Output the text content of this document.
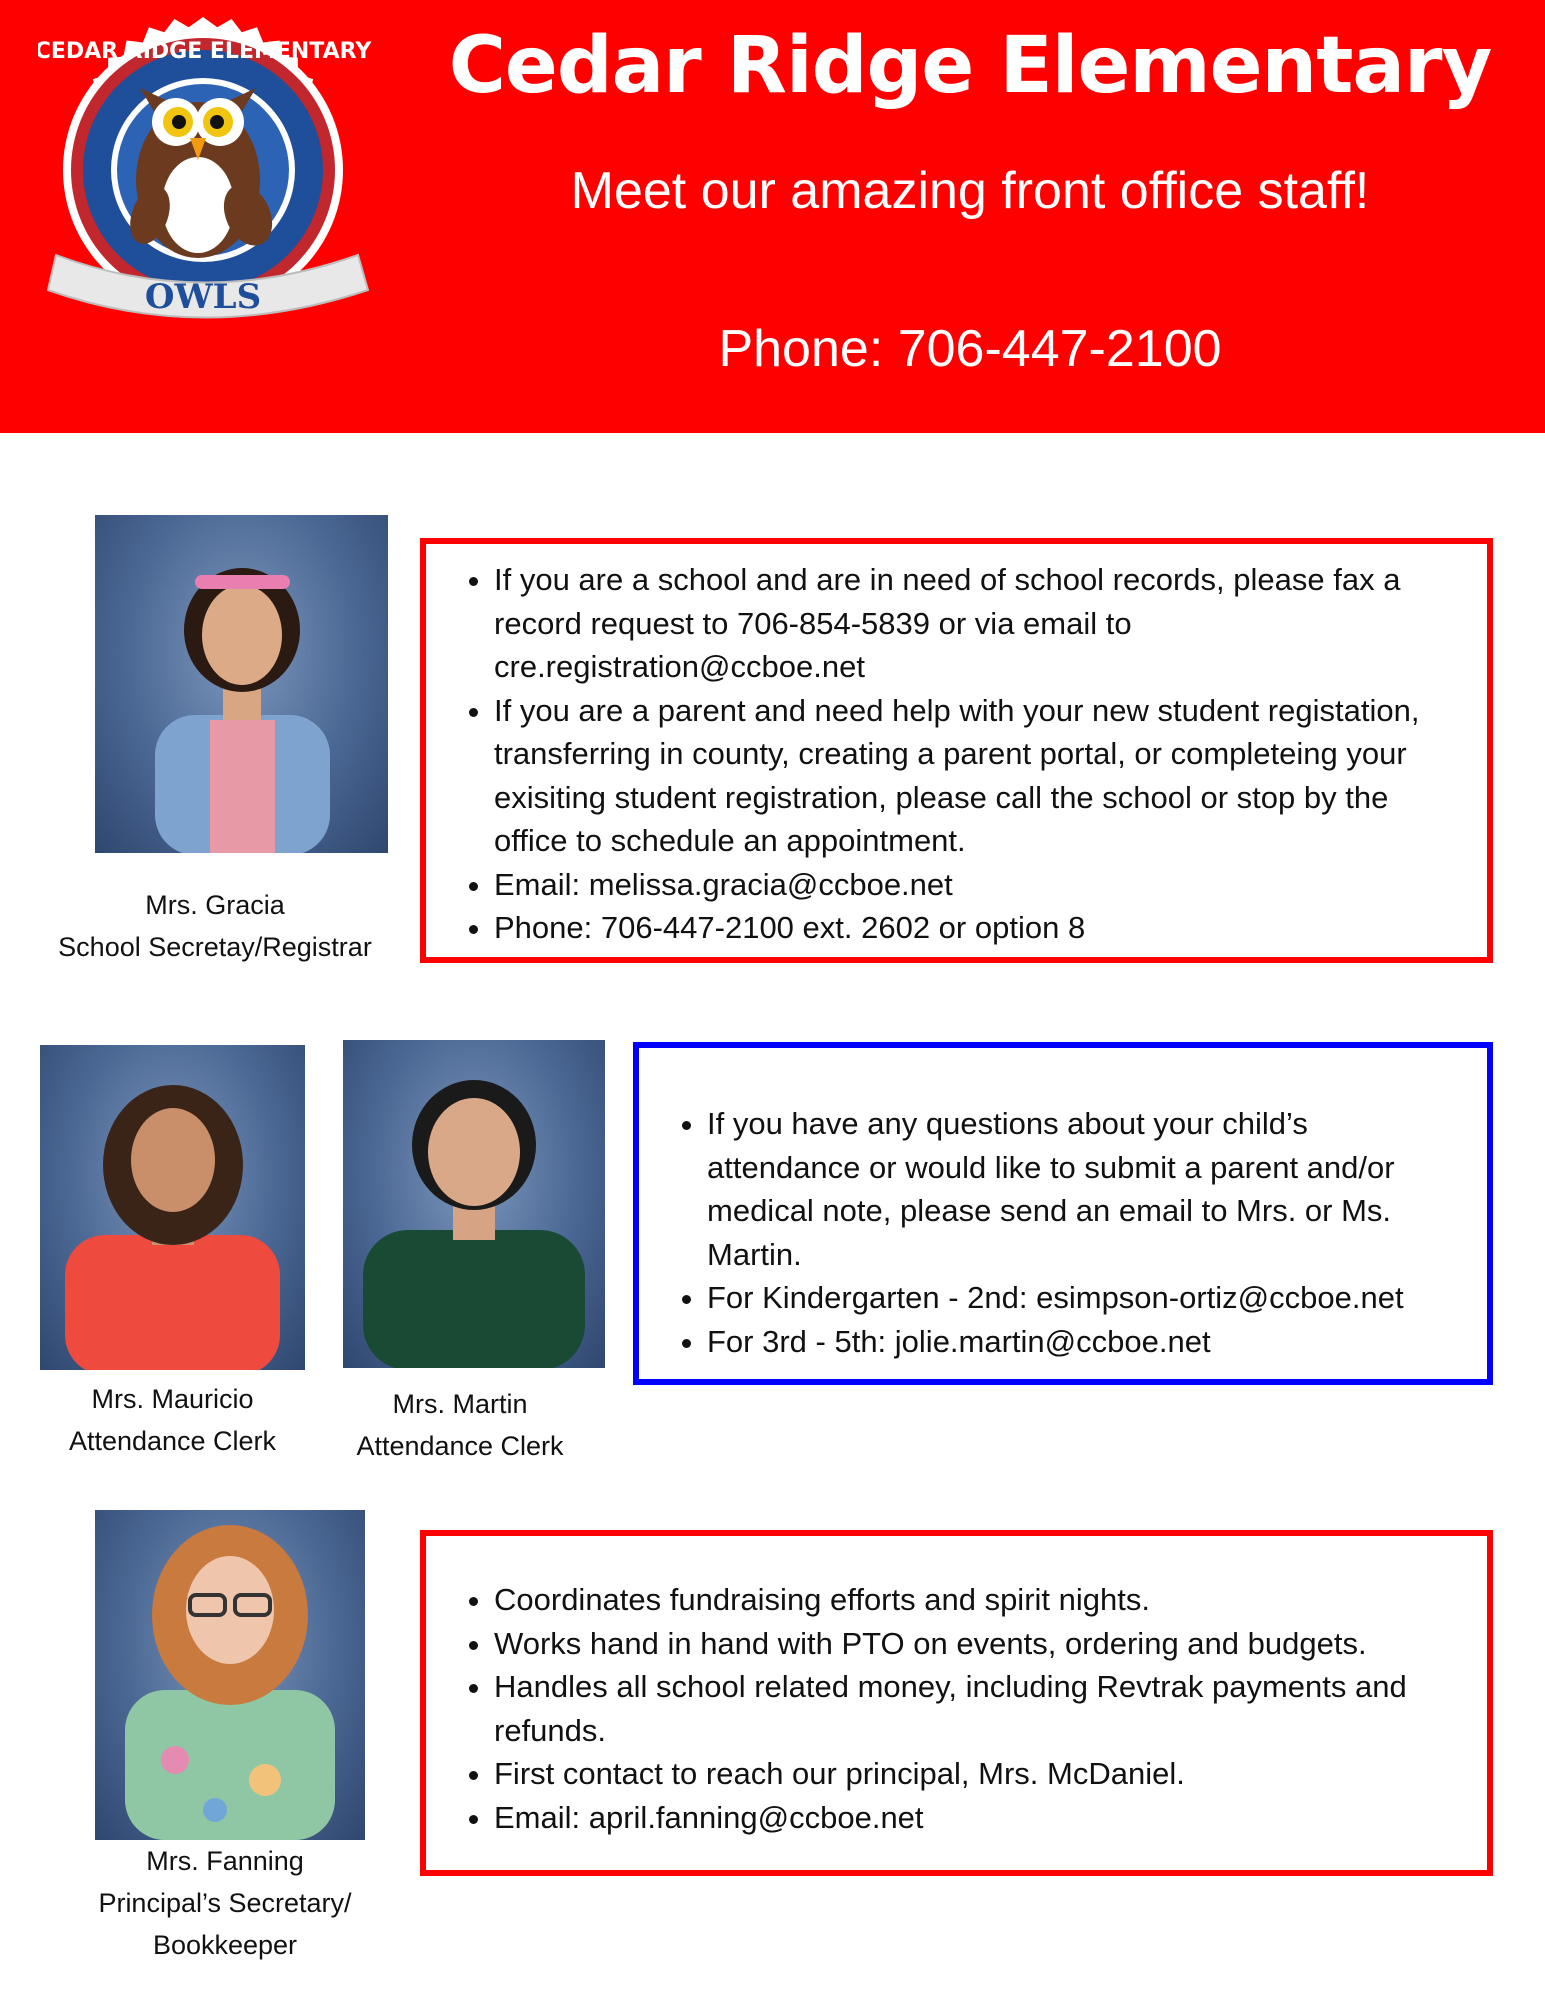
CEDAR RIDGE ELEMENTARY
OWLS
Cedar Ridge Elementary
Meet our amazing front office staff!
Phone: 706-447-2100
Mrs. Gracia
School Secretay/Registrar
• If you are a school and are in need of school records, please fax a record request to 706-854-5839 or via email to cre.registration@ccboe.net
• If you are a parent and need help with your new student registation, transferring in county, creating a parent portal, or completeing your exisiting student registration, please call the school or stop by the office to schedule an appointment.
• Email: melissa.gracia@ccboe.net
• Phone: 706-447-2100 ext. 2602 or option 8
Mrs. Mauricio
Attendance Clerk
Mrs. Martin
Attendance Clerk
• If you have any questions about your child’s attendance or would like to submit a parent and/or medical note, please send an email to Mrs. or Ms. Martin.
• For Kindergarten - 2nd: esimpson-ortiz@ccboe.net
• For 3rd - 5th: jolie.martin@ccboe.net
Mrs. Fanning
Principal’s Secretary/
Bookkeeper
• Coordinates fundraising efforts and spirit nights.
• Works hand in hand with PTO on events, ordering and budgets.
• Handles all school related money, including Revtrak payments and refunds.
• First contact to reach our principal, Mrs. McDaniel.
• Email: april.fanning@ccboe.net
